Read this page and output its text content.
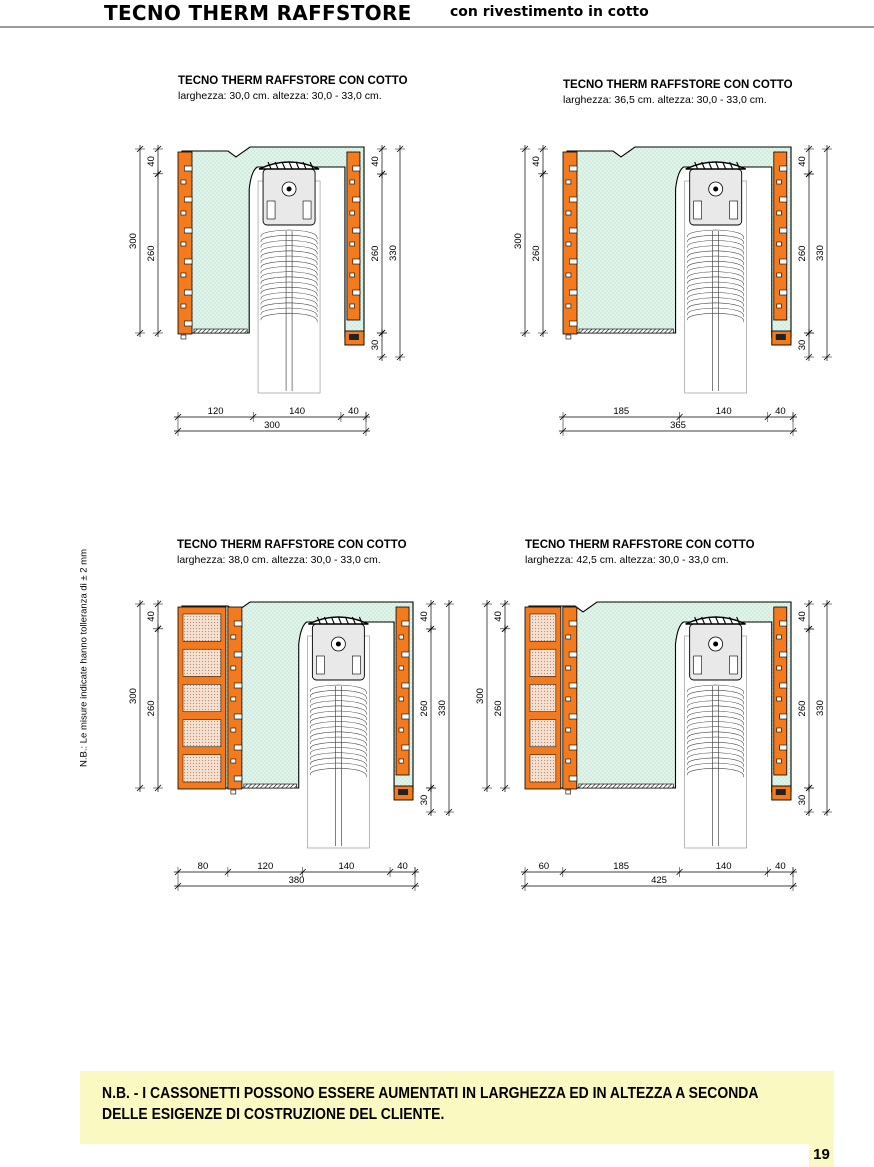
TECNO THERM RAFFSTORE	con rivestimento in cotto
TECNO THERM RAFFSTORE CON COTTO
larghezza: 30,0 cm. altezza: 30,0 - 33,0 cm.
300
260
40	40
260
30
330
120	140	40
300
TECNO THERM RAFFSTORE CON COTTO
larghezza: 36,5 cm. altezza: 30,0 - 33,0 cm.
300
260
40	40
260
30
330
185	140	40
365
TECNO THERM RAFFSTORE CON COTTO
larghezza: 38,0 cm. altezza: 30,0 - 33,0 cm.
300
260
40	40
260
30
330
80	120	140	40
380
TECNO THERM RAFFSTORE CON COTTO
larghezza: 42,5 cm. altezza: 30,0 - 33,0 cm.
300
260
40	40
260
30
330
60	185	140	40
425
N.B.: Le misure indicate hanno tolleranza di ± 2 mm
N.B. - I CASSONETTI POSSONO ESSERE AUMENTATI IN LARGHEZZA ED IN ALTEZZA A SECONDA
DELLE ESIGENZE DI COSTRUZIONE DEL CLIENTE.
19
